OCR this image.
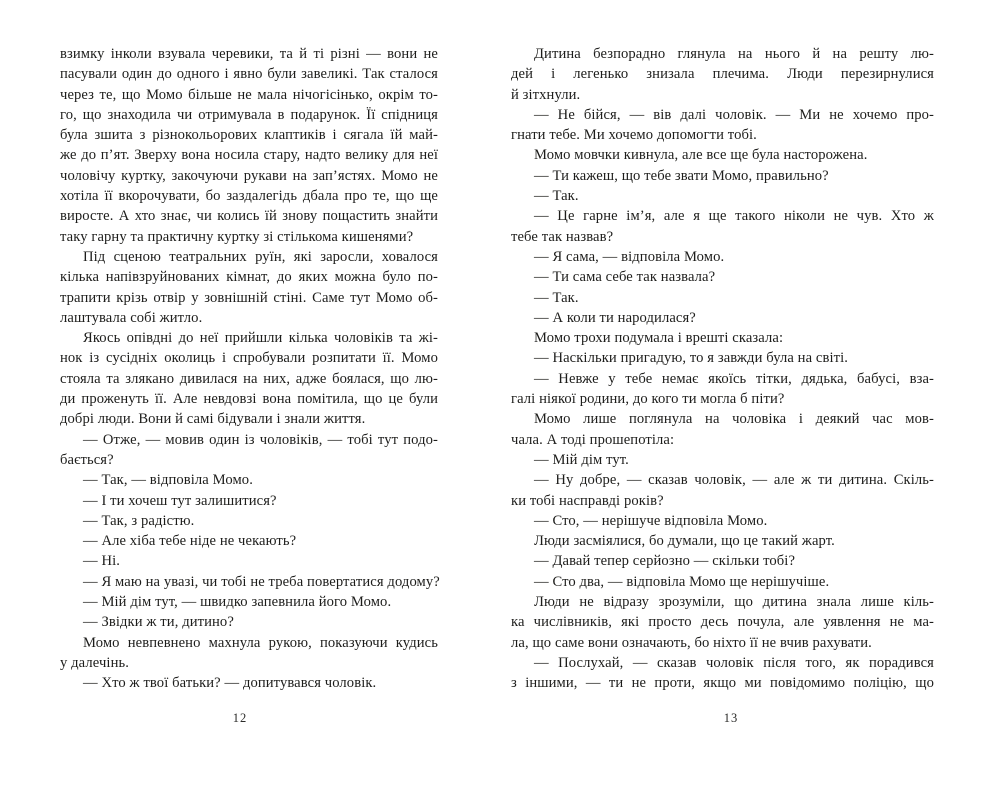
взимку інколи взувала черевики, та й ті різні — вони не
пасували один до одного і явно були завеликі. Так сталося
через те, що Момо більше не мала нічогісінько, окрім то-
го, що знаходила чи отримувала в подарунок. Її спідниця
була зшита з різнокольорових клаптиків і сягала їй май-
же до п’ят. Зверху вона носила стару, надто велику для неї
чоловічу куртку, закочуючи рукави на зап’ястях. Момо не
хотіла її вкорочувати, бо заздалегідь дбала про те, що ще
виросте. А хто знає, чи колись їй знову пощастить знайти
таку гарну та практичну куртку зі стількома кишенями?
Під сценою театральних руїн, які заросли, ховалося
кілька напівзруйнованих кімнат, до яких можна було по-
трапити крізь отвір у зовнішній стіні. Саме тут Момо об-
лаштувала собі житло.
Якось опівдні до неї прийшли кілька чоловіків та жі-
нок із сусідніх околиць і спробували розпитати її. Момо
стояла та злякано дивилася на них, адже боялася, що лю-
ди проженуть її. Але невдовзі вона помітила, що це були
добрі люди. Вони й самі бідували і знали життя.
— Отже, — мовив один із чоловіків, — тобі тут подо-
бається?
— Так, — відповіла Момо.
— І ти хочеш тут залишитися?
— Так, з радістю.
— Але хіба тебе ніде не чекають?
— Ні.
— Я маю на увазі, чи тобі не треба повертатися додому?
— Мій дім тут, — швидко запевнила його Момо.
— Звідки ж ти, дитино?
Момо невпевнено махнула рукою, показуючи кудись
у далечінь.
— Хто ж твої батьки? — допитувався чоловік.
Дитина безпорадно глянула на нього й на решту лю-
дей і легенько знизала плечима. Люди перезирнулися
й зітхнули.
— Не бійся, — вів далі чоловік. — Ми не хочемо про-
гнати тебе. Ми хочемо допомогти тобі.
Момо мовчки кивнула, але все ще була насторожена.
— Ти кажеш, що тебе звати Момо, правильно?
— Так.
— Це гарне ім’я, але я ще такого ніколи не чув. Хто ж
тебе так назвав?
— Я сама, — відповіла Момо.
— Ти сама себе так назвала?
— Так.
— А коли ти народилася?
Момо трохи подумала і врешті сказала:
— Наскільки пригадую, то я завжди була на світі.
— Невже у тебе немає якоїсь тітки, дядька, бабусі, вза-
галі ніякої родини, до кого ти могла б піти?
Момо лише поглянула на чоловіка і деякий час мов-
чала. А тоді прошепотіла:
— Мій дім тут.
— Ну добре, — сказав чоловік, — але ж ти дитина. Скіль-
ки тобі насправді років?
— Сто, — нерішуче відповіла Момо.
Люди засміялися, бо думали, що це такий жарт.
— Давай тепер серйозно — скільки тобі?
— Сто два, — відповіла Момо ще нерішучіше.
Люди не відразу зрозуміли, що дитина знала лише кіль-
ка числівників, які просто десь почула, але уявлення не ма-
ла, що саме вони означають, бо ніхто її не вчив рахувати.
— Послухай, — сказав чоловік після того, як порадився
з іншими, — ти не проти, якщо ми повідомимо поліцію, що
12	13
